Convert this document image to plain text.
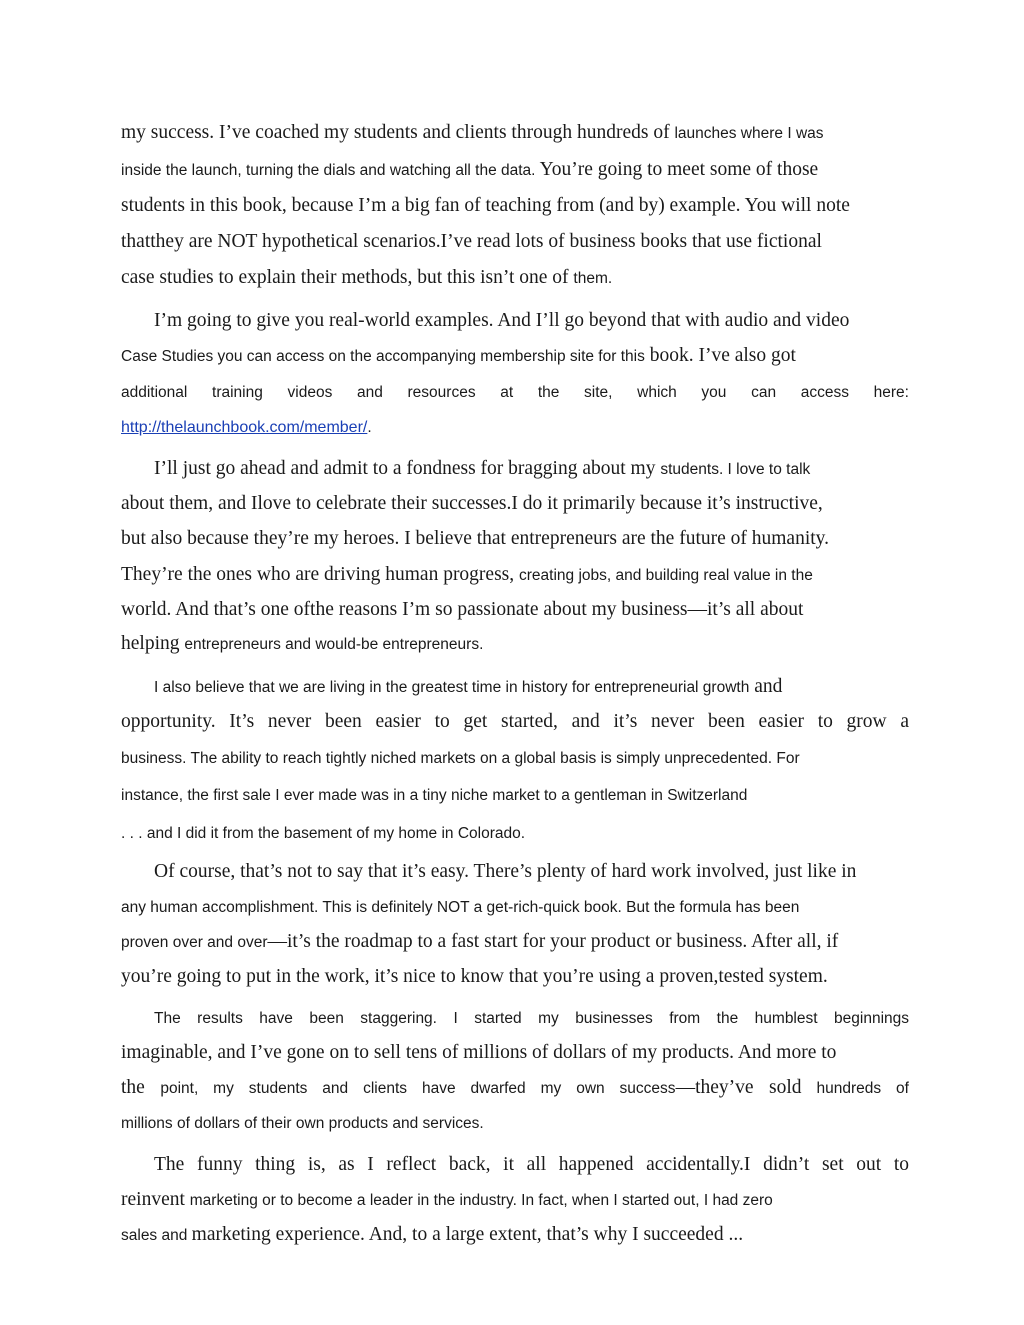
my success. I’ve coached my students and clients through hundreds of launches where I was
inside the launch, turning the dials and watching all the data. You’re going to meet some of those
students in this book, because I’m a big fan of teaching from (and by) example. You will note
thatthey are NOT hypothetical scenarios.I’ve read lots of business books that use fictional
case studies to explain their methods, but this isn’t one of them.
I’m going to give you real-world examples. And I’ll go beyond that with audio and video
Case Studies you can access on the accompanying membership site for this book. I’ve also got
additional training videos and resources at the site, which you can access here:
http://thelaunchbook.com/member/.
I’ll just go ahead and admit to a fondness for bragging about my students. I love to talk
about them, and Ilove to celebrate their successes.I do it primarily because it’s instructive,
but also because they’re my heroes. I believe that entrepreneurs are the future of humanity.
They’re the ones who are driving human progress, creating jobs, and building real value in the
world. And that’s one ofthe reasons I’m so passionate about my business—it’s all about
helping entrepreneurs and would-be entrepreneurs.
I also believe that we are living in the greatest time in history for entrepreneurial growth and
opportunity. It’s never been easier to get started, and it’s never been easier to grow a
business. The ability to reach tightly niched markets on a global basis is simply unprecedented. For
instance, the first sale I ever made was in a tiny niche market to a gentleman in Switzerland
. . . and I did it from the basement of my home in Colorado.
Of course, that’s not to say that it’s easy. There’s plenty of hard work involved, just like in
any human accomplishment. This is definitely NOT a get-rich-quick book. But the formula has been
proven over and over—it’s the roadmap to a fast start for your product or business. After all, if
you’re going to put in the work, it’s nice to know that you’re using a proven,tested system.
The results have been staggering. I started my businesses from the humblest beginnings
imaginable, and I’ve gone on to sell tens of millions of dollars of my products. And more to
the point, my students and clients have dwarfed my own success—they’ve sold hundreds of
millions of dollars of their own products and services.
The funny thing is, as I reflect back, it all happened accidentally.I didn’t set out to
reinvent marketing or to become a leader in the industry. In fact, when I started out, I had zero
sales and marketing experience. And, to a large extent, that’s why I succeeded ...
